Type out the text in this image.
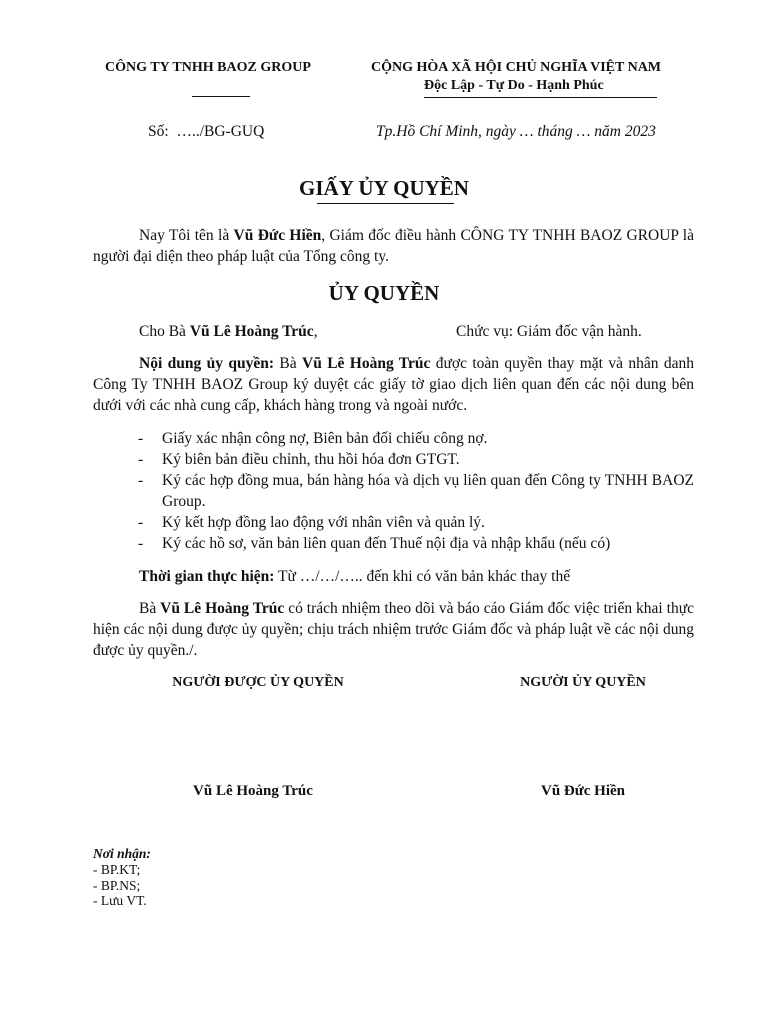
CÔNG TY TNHH BAOZ GROUP	CỘNG HÒA XÃ HỘI CHỦ NGHĨA VIỆT NAM
Độc Lập - Tự Do - Hạnh Phúc
Số: …../BG-GUQ	Tp.Hồ Chí Minh, ngày … tháng … năm 2023
GIẤY ỦY QUYỀN
Nay Tôi tên là Vũ Đức Hiền, Giám đốc điều hành CÔNG TY TNHH BAOZ GROUP là người đại diện theo pháp luật của Tổng công ty.
ỦY QUYỀN
Cho Bà Vũ Lê Hoàng Trúc,	Chức vụ: Giám đốc vận hành.
Nội dung ủy quyền: Bà Vũ Lê Hoàng Trúc được toàn quyền thay mặt và nhân danh Công Ty TNHH BAOZ Group ký duyệt các giấy tờ giao dịch liên quan đến các nội dung bên dưới với các nhà cung cấp, khách hàng trong và ngoài nước.
- Giấy xác nhận công nợ, Biên bản đối chiếu công nợ.
- Ký biên bản điều chỉnh, thu hồi hóa đơn GTGT.
- Ký các hợp đồng mua, bán hàng hóa và dịch vụ liên quan đến Công ty TNHH BAOZ Group.
- Ký kết hợp đồng lao động với nhân viên và quản lý.
- Ký các hồ sơ, văn bản liên quan đến Thuế nội địa và nhập khẩu (nếu có)
Thời gian thực hiện: Từ …/…/….. đến khi có văn bản khác thay thế
Bà Vũ Lê Hoàng Trúc có trách nhiệm theo dõi và báo cáo Giám đốc việc triển khai thực hiện các nội dung được ủy quyền; chịu trách nhiệm trước Giám đốc và pháp luật về các nội dung được ủy quyền./.
NGƯỜI ĐƯỢC ỦY QUYỀN	NGƯỜI ỦY QUYỀN
Vũ Lê Hoàng Trúc	Vũ Đức Hiền
Nơi nhận:
- BP.KT;
- BP.NS;
- Lưu VT.
